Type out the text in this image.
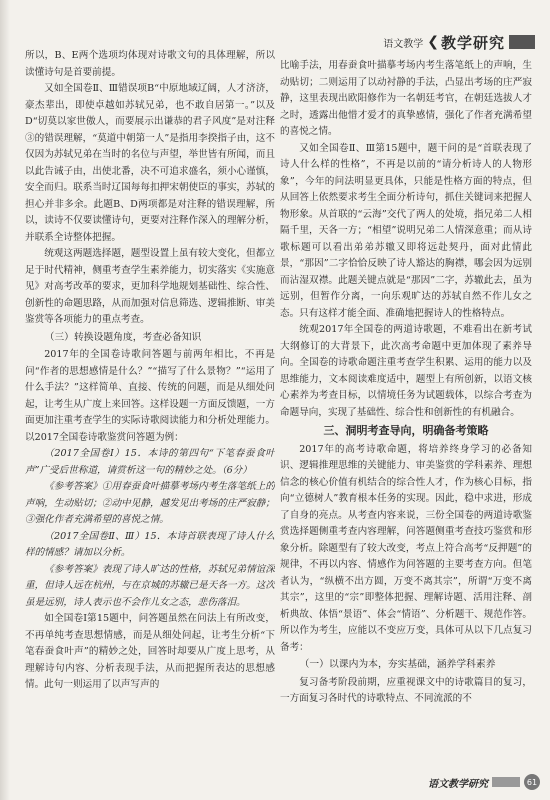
语文教学 ❮ 教学研究

所以，B、E两个选项均体现对诗歌文句的具体理解，所以读懂诗句是首要前提。

又如全国卷Ⅱ、Ⅲ错误项B“中原地域辽阔，人才济济，豪杰辈出，即使卓越如苏轼兄弟，也不敢自居第一。”以及D“切莫以家世傲人，而要展示出谦恭的君子风度”是对注释③的错误理解，“莫道中朝第一人”是指用李揆指子由，这不仅因为苏轼兄弟在当时的名位与声望，举世皆有所闻，而且以此告诫子由，出使北番，决不可追求盛名，须小心谨慎，安全而归。联系当时辽国每每扣押宋朝使臣的事实，苏轼的担心并非多余。此题B、D两项都是对注释的错误理解，所以，读诗不仅要读懂诗句，更要对注释作深入的理解分析，并联系全诗整体把握。

统观这两题选择题，题型设置上虽有较大变化，但都立足于时代精神，侧重考查学生素养能力，切实落实《实施意见》对高考改革的要求，更加科学地规划基础性、综合性、创新性的命题思路，从而加强对信息筛选、逻辑推断、审美鉴赏等各项能力的重点考查。

（三）转换设题角度，考查必备知识

2017年的全国卷诗歌问答题与前两年相比，不再是问“作者的思想感情是什么？”“描写了什么景物？”“运用了什么手法？”这样简单、直接、传统的问题，而是从细处问起，让考生从广度上来回答。这样设题一方面反馈题，一方面更加注重考查学生的实际诗歌阅读能力和分析处理能力。以2017全国卷诗歌鉴赏问答题为例：

（2017全国卷Ⅰ）15．本诗的第四句“下笔春蚕食叶声”广受后世称道，请赏析这一句的精妙之处。（6分）

《参考答案》①用春蚕食叶描摹考场内考生落笔纸上的声响，生动贴切；②动中见静，越发见出考场的庄严寂静；③强化作者充满希望的喜悦之情。

（2017全国卷Ⅱ、Ⅲ）15．本诗首联表现了诗人什么样的情感？请加以分析。

《参考答案》表现了诗人旷达的性格，苏轼兄弟情谊深重，但诗人远在杭州，与在京城的苏辙已是天各一方。这次虽是远别，诗人表示也不会作儿女之态，悲伤落泪。

如全国卷Ⅰ第15题中，问答题虽然在问法上有所改变，不再单纯考查思想情感，而是从细处问起，让考生分析“下笔春蚕食叶声”的精妙之处，回答时却要从广度上思考，从理解诗句内容、分析表现手法，从而把握所表达的思想感情。此句一则运用了以声写声的

比喻手法，用春蚕食叶描摹考场内考生落笔纸上的声响，生动贴切；二则运用了以动衬静的手法，凸显出考场的庄严寂静，这里表现出欧阳修作为一名朝廷考官，在朝廷选拔人才之时，透露出他惜才爱才的真挚感情，强化了作者充满希望的喜悦之情。

又如全国卷Ⅱ、Ⅲ第15题中，题干问的是“首联表现了诗人什么样的性格”，不再是以前的“请分析诗人的人物形象”，今年的问法明显更具体，只能是性格方面的特点，但从回答上依然要求考生全面分析诗句，抓住关键词来把握人物形象。从首联的“云海”交代了两人的处境，指兄弟二人相隔千里，天各一方；“相望”说明兄弟二人情深意重；而从诗歌标题可以看出弟弟苏辙又即将远赴契丹，面对此情此景，“那因”二字恰恰反映了诗人豁达的胸襟，哪会因为远别而沾湿双襟。此题关键点就是“那因”二字，苏辙此去，虽为远别，但暂作分离，一向乐观旷达的苏轼自然不作儿女之态。只有这样才能全面、准确地把握诗人的性格特点。

统观2017年全国卷的两道诗歌题，不难看出在新考试大纲修订的大背景下，此次高考命题中更加体现了素养导向。全国卷的诗歌命题注重考查学生积累、运用的能力以及思维能力，文本阅读难度适中，题型上有所创新，以语文核心素养为考查目标，以情境任务为试题载体，以综合考查为命题导向，实现了基础性、综合性和创新性的有机融合。

三、洞明考查导向，明确备考策略

2017年的高考诗歌命题，将培养终身学习的必备知识、逻辑推理思维的关键能力、审美鉴赏的学科素养、理想信念的核心价值有机结合的综合性人才，作为核心目标，指向“立德树人”教育根本任务的实现。因此，稳中求进，形成了自身的亮点。从考查内容来说，三份全国卷的两道诗歌鉴赏选择题侧重考查内容理解，问答题侧重考查技巧鉴赏和形象分析。除题型有了较大改变，考点上符合高考“反押题”的规律，不再以内容、情感作为问答题的主要考查方向。但笔者认为，“纵横不出方圆，万变不离其宗”，所谓“万变不离其宗”，这里的“宗”即整体把握、理解诗题、活用注释、剖析典故、体悟“景语”、体会“情语”、分析题干、规范作答。所以作为考生，应能以不变应万变，具体可从以下几点复习备考：

（一）以课内为本，夯实基础，涵养学科素养

复习备考阶段前期，应重视课文中的诗歌篇目的复习，一方面复习各时代的诗歌特点、不同流派的不

语文教学研究	61
